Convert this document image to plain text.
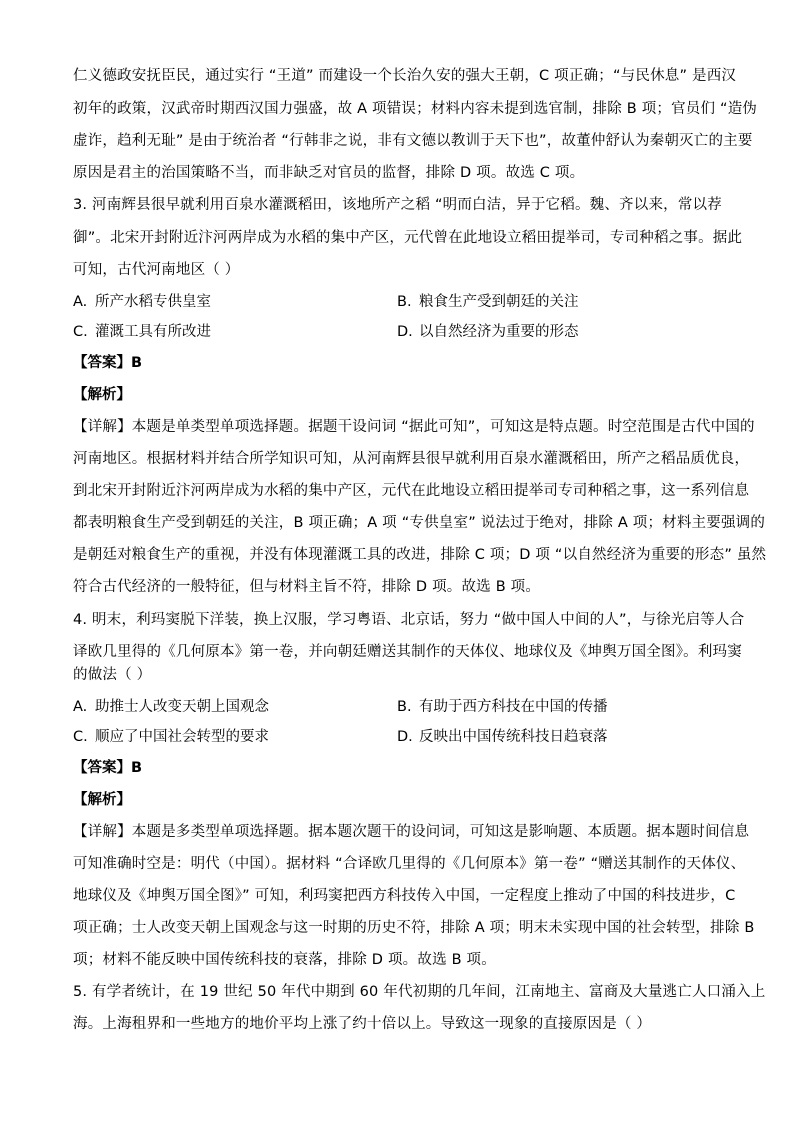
仁义德政安抚臣民，通过实行 “王道” 而建设一个长治久安的强大王朝，C 项正确；“与民休息” 是西汉
初年的政策，汉武帝时期西汉国力强盛，故 A 项错误；材料内容未提到选官制，排除 B 项；官员们 “造伪
虚诈，趋利无耻” 是由于统治者 “行韩非之说，非有文德以教训于天下也”，故董仲舒认为秦朝灭亡的主要
原因是君主的治国策略不当，而非缺乏对官员的监督，排除 D 项。故选 C 项。
3. 河南辉县很早就利用百泉水灌溉稻田，该地所产之稻 “明而白洁，异于它稻。魏、齐以来，常以荐
御”。北宋开封附近汴河两岸成为水稻的集中产区，元代曾在此地设立稻田提举司，专司种稻之事。据此
可知，古代河南地区（ ）
A. 所产水稻专供皇室	B. 粮食生产受到朝廷的关注
C. 灌溉工具有所改进	D. 以自然经济为重要的形态
【答案】B
【解析】
【详解】本题是单类型单项选择题。据题干设问词 “据此可知”，可知这是特点题。时空范围是古代中国的
河南地区。根据材料并结合所学知识可知，从河南辉县很早就利用百泉水灌溉稻田，所产之稻品质优良，
到北宋开封附近汴河两岸成为水稻的集中产区，元代在此地设立稻田提举司专司种稻之事，这一系列信息
都表明粮食生产受到朝廷的关注，B 项正确；A 项 “专供皇室” 说法过于绝对，排除 A 项；材料主要强调的
是朝廷对粮食生产的重视，并没有体现灌溉工具的改进，排除 C 项；D 项 “以自然经济为重要的形态” 虽然
符合古代经济的一般特征，但与材料主旨不符，排除 D 项。故选 B 项。
4. 明末，利玛窦脱下洋装，换上汉服，学习粤语、北京话，努力 “做中国人中间的人”，与徐光启等人合
译欧几里得的《几何原本》第一卷，并向朝廷赠送其制作的天体仪、地球仪及《坤舆万国全图》。利玛窦
的做法（ ）
A. 助推士人改变天朝上国观念	B. 有助于西方科技在中国的传播
C. 顺应了中国社会转型的要求	D. 反映出中国传统科技日趋衰落
【答案】B
【解析】
【详解】本题是多类型单项选择题。据本题次题干的设问词，可知这是影响题、本质题。据本题时间信息
可知准确时空是：明代（中国）。据材料 “合译欧几里得的《几何原本》第一卷” “赠送其制作的天体仪、
地球仪及《坤舆万国全图》” 可知，利玛窦把西方科技传入中国，一定程度上推动了中国的科技进步，C
项正确；士人改变天朝上国观念与这一时期的历史不符，排除 A 项；明末未实现中国的社会转型，排除 B
项；材料不能反映中国传统科技的衰落，排除 D 项。故选 B 项。
5. 有学者统计，在 19 世纪 50 年代中期到 60 年代初期的几年间，江南地主、富商及大量逃亡人口涌入上
海。上海租界和一些地方的地价平均上涨了约十倍以上。导致这一现象的直接原因是（ ）
